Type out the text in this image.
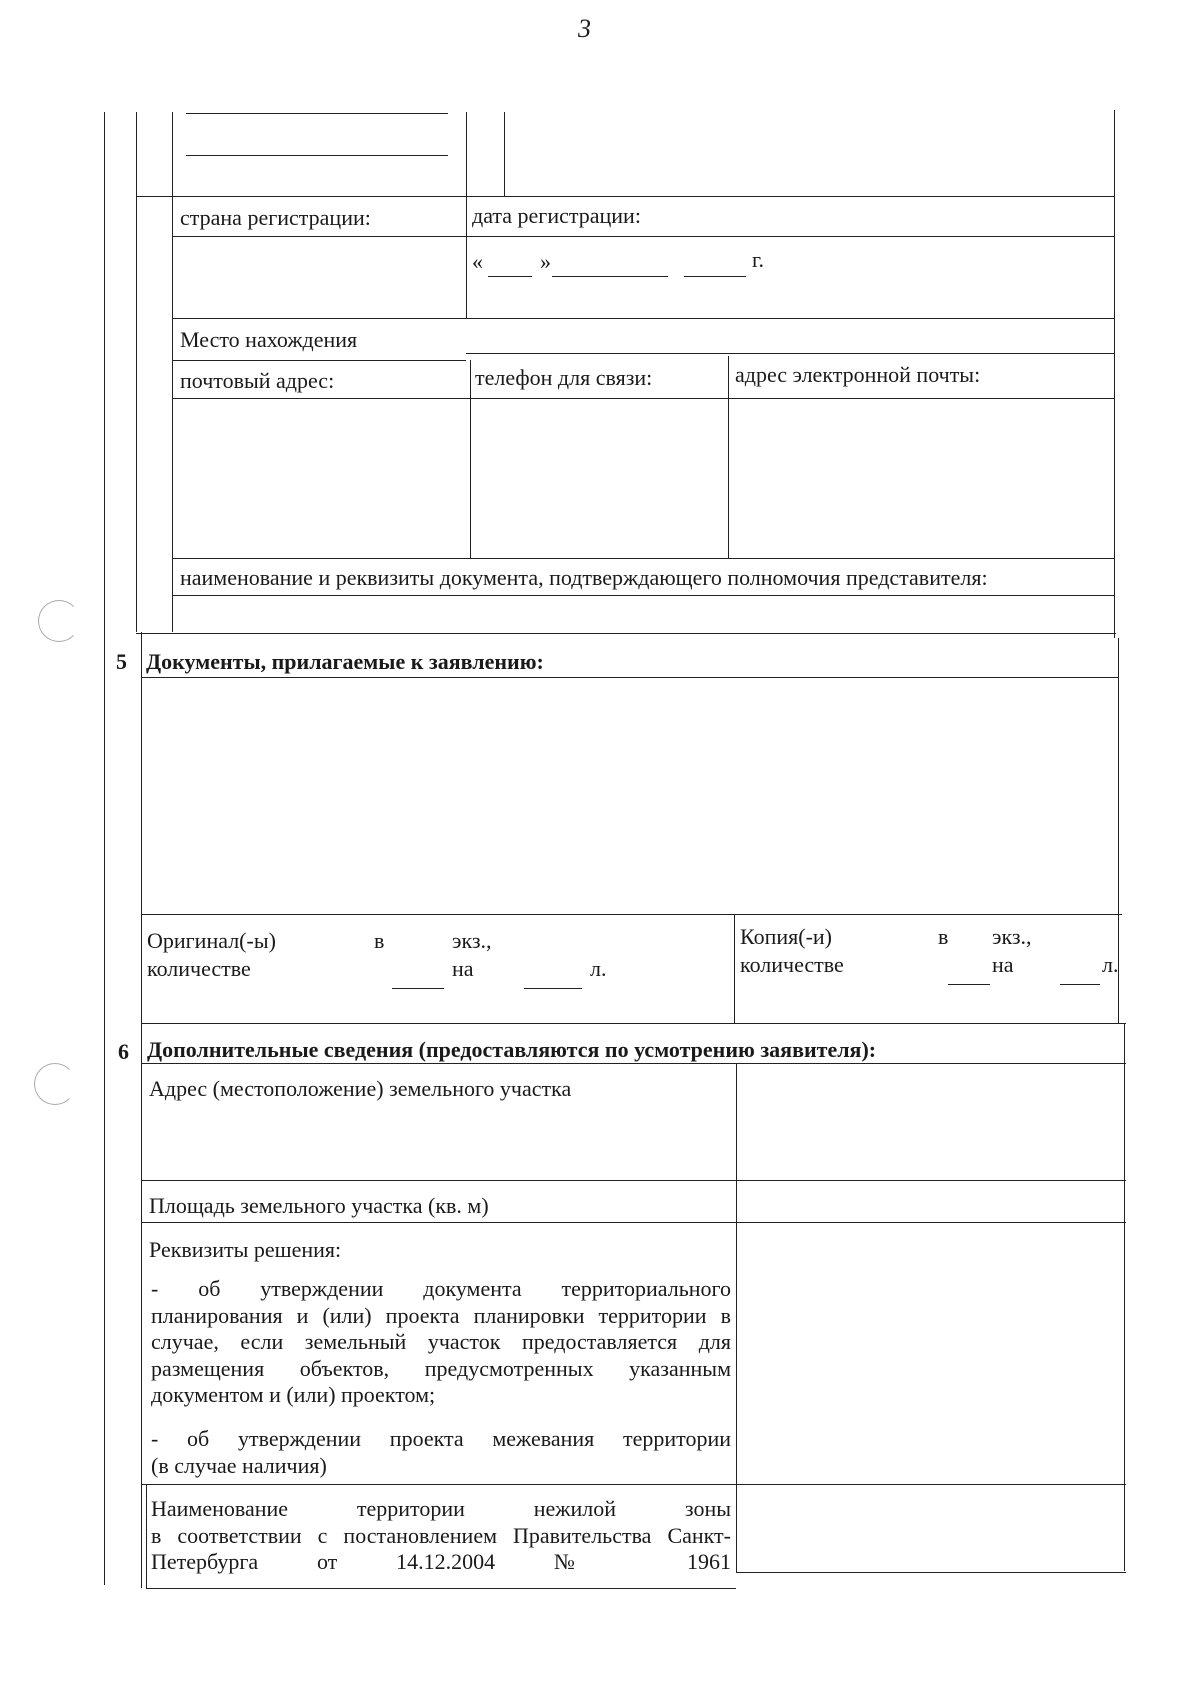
3
страна регистрации:	дата регистрации:
«	»	г.
Место нахождения
почтовый адрес:	телефон для связи:	адрес электронной почты:
наименование и реквизиты документа, подтверждающего полномочия представителя:
5 Документы, прилагаемые к заявлению:
Оригинал(-ы)
количестве
в	экз.,
на	л.
Копия(-и)
количестве
в экз.,
на	л.
6 Дополнительные сведения (предоставляются по усмотрению заявителя):
Адрес (местоположение) земельного участка
Площадь земельного участка (кв. м)
Реквизиты решения:
- об утверждении документа территориального
планирования и (или) проекта планировки территории в
случае, если земельный участок предоставляется для
размещения объектов, предусмотренных указанным
документом и (или) проектом;
- об утверждении проекта межевания территории
(в случае наличия)
Наименование территории нежилой зоны
в соответствии с постановлением Правительства Санкт-
Петербурга от 14.12.2004 № 1961
